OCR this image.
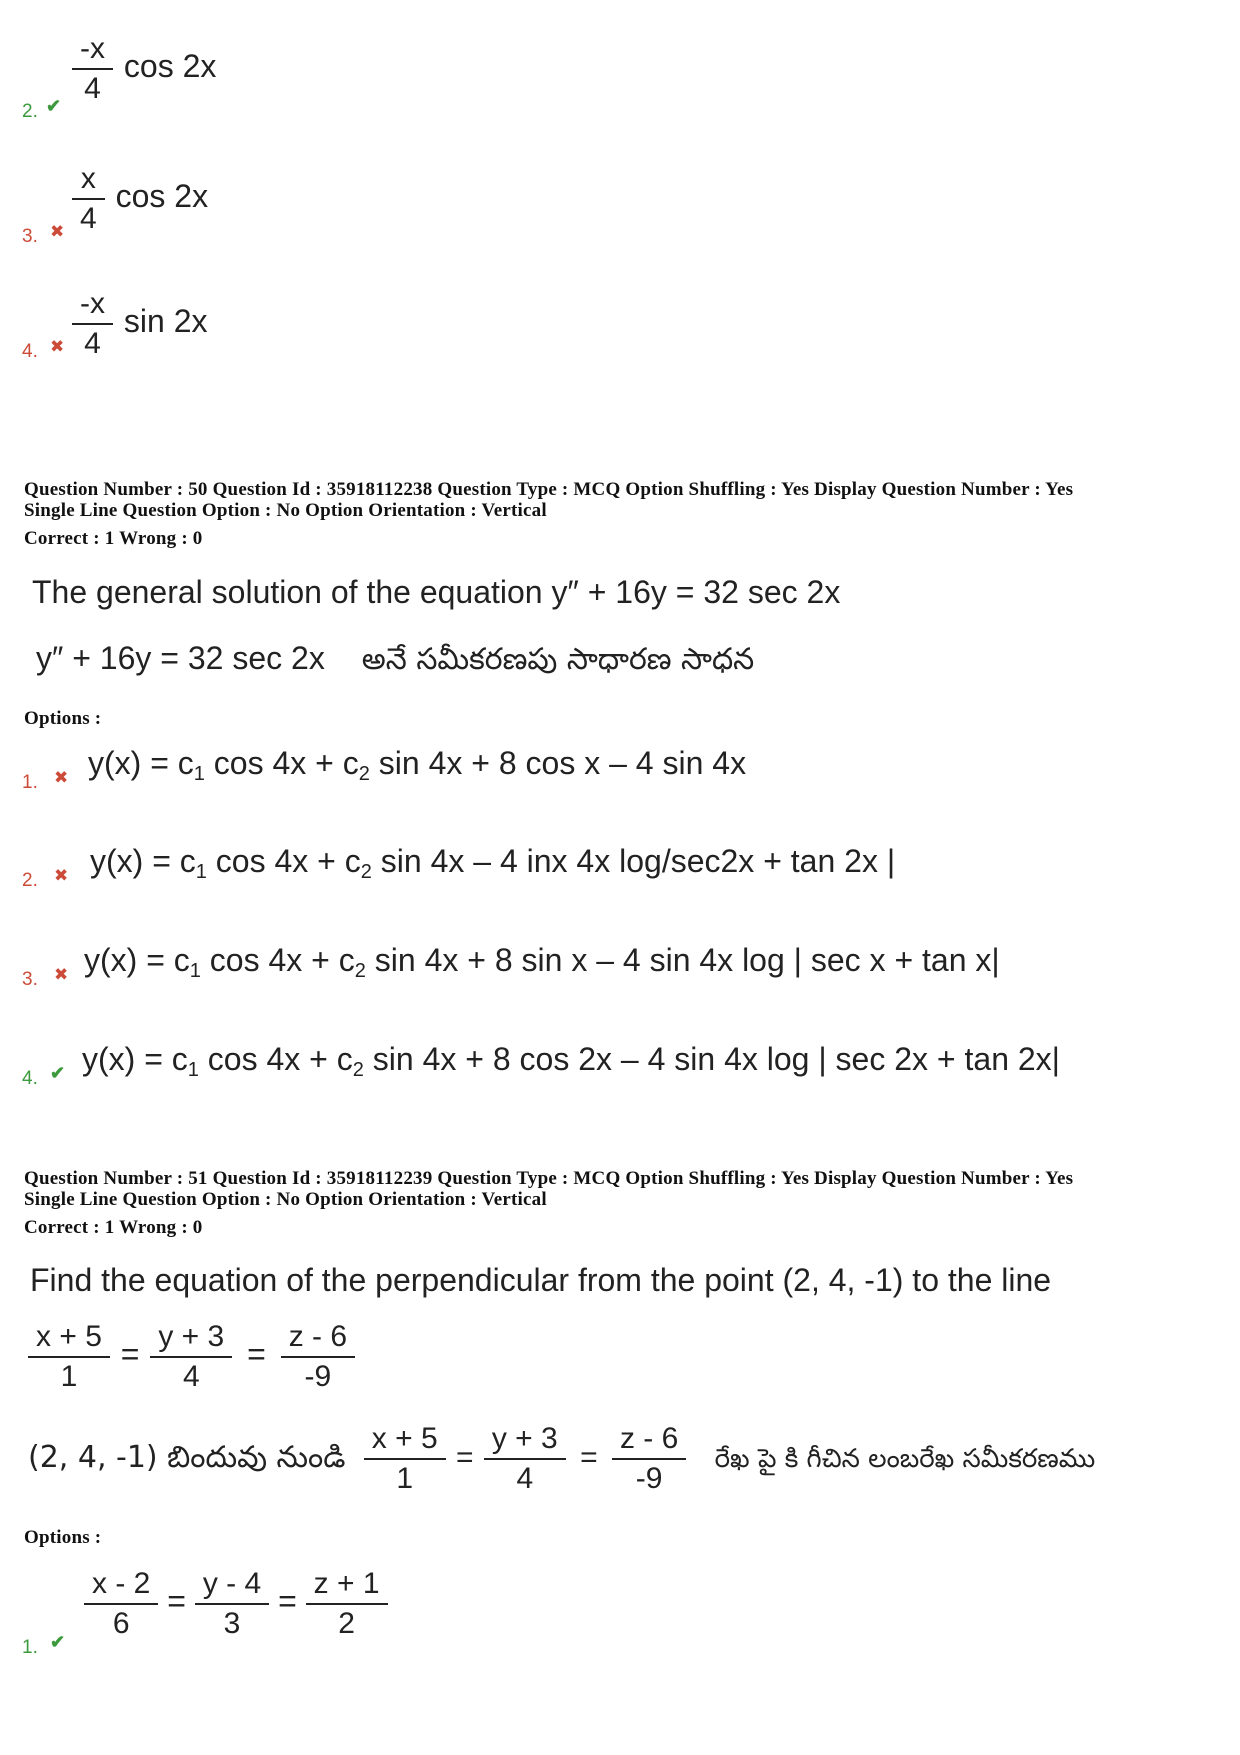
2. ✔ $\frac{-x}{4}$ cos 2x
3. ✖ $\frac{x}{4}$ cos 2x
4. ✖ $\frac{-x}{4}$ sin 2x
Question Number : 50 Question Id : 35918112238 Question Type : MCQ Option Shuffling : Yes Display Question Number : Yes
Single Line Question Option : No Option Orientation : Vertical
Correct : 1 Wrong : 0
The general solution of the equation y″ + 16y = 32 sec 2x
y″ + 16y = 32 sec 2x అనే సమీకరణపు సాధారణ సాధన
Options :
1. ✖ $y(x) = c_1$ $\cos 4x + c_2$ sin 4x + 8 cos x – 4 sin 4x
2. ✖ $y(x) = c_1$ $\cos 4x + c_2$ sin 4x – 4 inx 4x log/sec2x + tan 2x |
3. ✖ $y(x) = c_1$ $\cos 4x + c_2$ sin 4x + 8 sin x – 4 sin 4x log | sec x + tan x|
4. ✔ $y(x) = c_1$ $\cos 4x + c_2$ sin 4x + 8 cos 2x – 4 sin 4x log | sec 2x + tan 2x|
Question Number : 51 Question Id : 35918112239 Question Type : MCQ Option Shuffling : Yes Display Question Number : Yes
Single Line Question Option : No Option Orientation : Vertical
Correct : 1 Wrong : 0
Find the equation of the perpendicular from the point (2, 4, -1) to the line
$\frac{x + 5}{1} = \frac{y + 3}{4} = \frac{z - 6}{-9}$
(2, 4, -1) బిందువు నుండి $\frac{x + 5}{1} = \frac{y + 3}{4} = \frac{z - 6}{-9}$ రేఖ పై కి గీచిన లంబరేఖ సమీకరణము
Options :
1. ✔ $\frac{x - 2}{6} = \frac{y - 4}{3} = \frac{z + 1}{2}$
